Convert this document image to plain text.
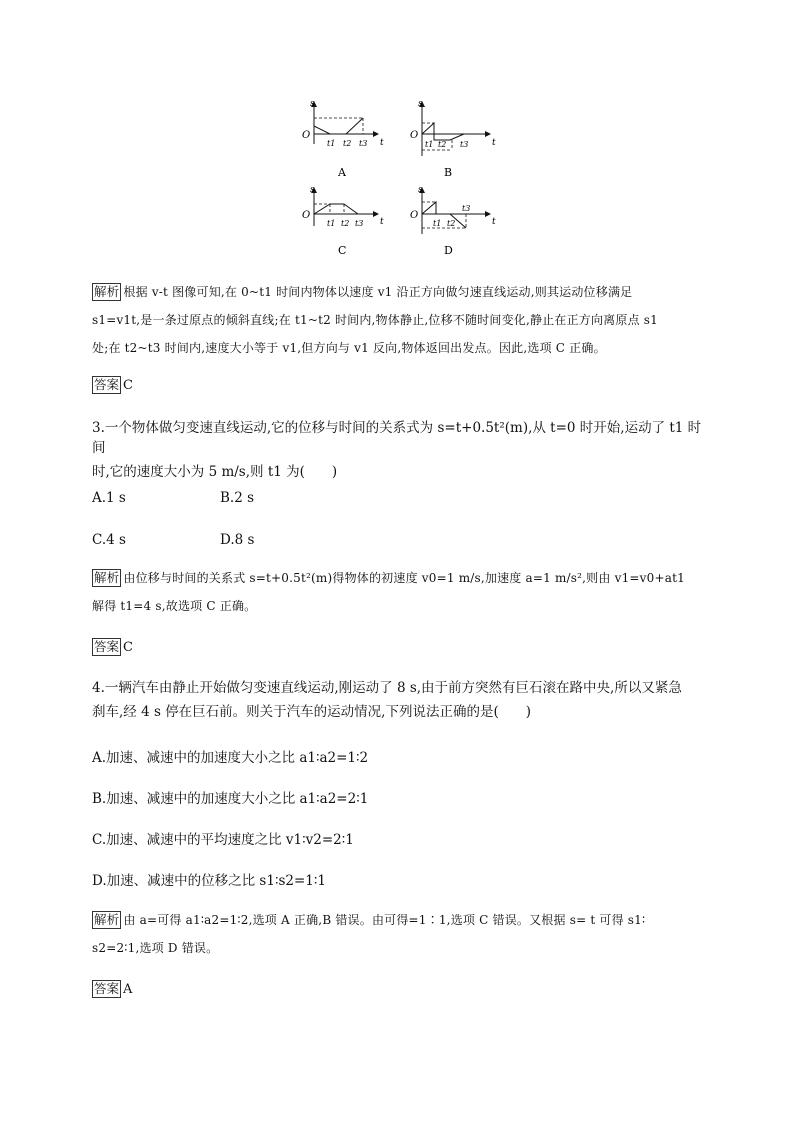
s
O
t
t1 t2 t3
A
s
O
t
t1 t2 t3
B
s
O
t
t1 t2 t3
C
s
O
t
t1 t2
t3
D
解析 根据 v-t 图像可知,在 0~t1 时间内物体以速度 v1 沿正方向做匀速直线运动,则其运动位移满足
s1=v1t,是一条过原点的倾斜直线;在 t1~t2 时间内,物体静止,位移不随时间变化,静止在正方向离原点 s1
处;在 t2~t3 时间内,速度大小等于 v1,但方向与 v1 反向,物体返回出发点。因此,选项 C 正确。
答案 C
3.一个物体做匀变速直线运动,它的位移与时间的关系式为 s=t+0.5t²(m),从 t=0 时开始,运动了 t1 时间
时,它的速度大小为 5 m/s,则 t1 为(　　)
A.1 s	B.2 s
C.4 s	D.8 s
解析 由位移与时间的关系式 s=t+0.5t²(m)得物体的初速度 v0=1 m/s,加速度 a=1 m/s²,则由 v1=v0+at1
解得 t1=4 s,故选项 C 正确。
答案 C
4.一辆汽车由静止开始做匀变速直线运动,刚运动了 8 s,由于前方突然有巨石滚在路中央,所以又紧急
刹车,经 4 s 停在巨石前。则关于汽车的运动情况,下列说法正确的是(　　)
A.加速、减速中的加速度大小之比 a1∶a2=1∶2
B.加速、减速中的加速度大小之比 a1∶a2=2∶1
C.加速、减速中的平均速度之比 v1∶v2=2∶1
D.加速、减速中的位移之比 s1∶s2=1∶1
解析 由 a=可得 a1∶a2=1∶2,选项 A 正确,B 错误。由可得=1∶1,选项 C 错误。又根据 s= t 可得 s1∶
s2=2∶1,选项 D 错误。
答案 A
